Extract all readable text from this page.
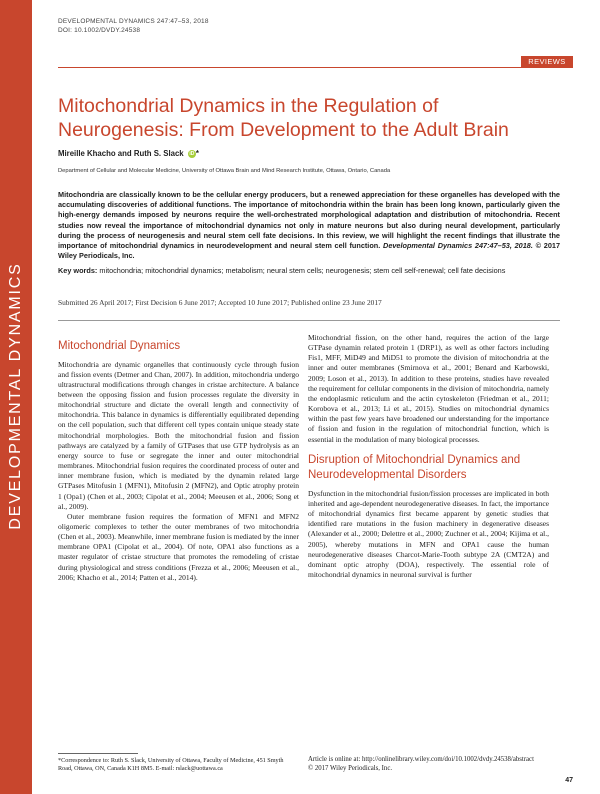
DEVELOPMENTAL DYNAMICS
DEVELOPMENTAL DYNAMICS 247:47–53, 2018
DOI: 10.1002/DVDY.24538
REVIEWS
Mitochondrial Dynamics in the Regulation of Neurogenesis: From Development to the Adult Brain
Mireille Khacho and Ruth S. Slack iD *
Department of Cellular and Molecular Medicine, University of Ottawa Brain and Mind Research Institute, Ottawa, Ontario, Canada

Mitochondria are classically known to be the cellular energy producers, but a renewed appreciation for these organelles has developed with the accumulating discoveries of additional functions. The importance of mitochondria within the brain has been long known, particularly given the high-energy demands imposed by neurons require the well-orchestrated morphological adaptation and distribution of mitochondria. Recent studies now reveal the importance of mitochondrial dynamics not only in mature neurons but also during neural development, particularly during the process of neurogenesis and neural stem cell fate decisions. In this review, we will highlight the recent findings that illustrate the importance of mitochondrial dynamics in neurodevelopment and neural stem cell function. Developmental Dynamics 247:47–53, 2018. © 2017 Wiley Periodicals, Inc.

Key words: mitochondria; mitochondrial dynamics; metabolism; neural stem cells; neurogenesis; stem cell self-renewal; cell fate decisions

Submitted 26 April 2017; First Decision 6 June 2017; Accepted 10 June 2017; Published online 23 June 2017
Mitochondrial Dynamics

Mitochondria are dynamic organelles that continuously cycle through fusion and fission events (Detmer and Chan, 2007). In addition, mitochondria undergo ultrastructural modifications through changes in cristae architecture. A balance between the opposing fission and fusion processes regulate the diversity in mitochondrial structure and dictate the overall length and connectivity of mitochondria. This balance in dynamics is differentially equilibrated depending on the cell population, such that different cell types contain unique steady state mitochondrial morphologies. Both the mitochondrial fusion and fission pathways are catalyzed by a family of GTPases that use GTP hydrolysis as an energy source to fuse or segregate the inner and outer mitochondrial membranes. Mitochondrial fusion requires the coordinated process of outer and inner membrane fusion, which is mediated by the dynamin related large GTPases Mitofusin 1 (MFN1), Mitofusin 2 (MFN2), and Optic atrophy protein 1 (Opa1) (Chen et al., 2003; Cipolat et al., 2004; Meeusen et al., 2006; Song et al., 2009).

Outer membrane fusion requires the formation of MFN1 and MFN2 oligomeric complexes to tether the outer membranes of two mitochondria (Chen et al., 2003). Meanwhile, inner membrane fusion is mediated by the inner membrane OPA1 (Cipolat et al., 2004). Of note, OPA1 also functions as a master regulator of cristae structure that promotes the remodeling of cristae during physiological and stress conditions (Frezza et al., 2006; Meeusen et al., 2006; Khacho et al., 2014; Patten et al., 2014).

Mitochondrial fission, on the other hand, requires the action of the large GTPase dynamin related protein 1 (DRP1), as well as other factors including Fis1, MFF, MiD49 and MiD51 to promote the division of mitochondria at the inner and outer membranes (Smirnova et al., 2001; Benard and Karbowski, 2009; Loson et al., 2013). In addition to these proteins, studies have revealed the requirement for cellular components in the division of mitochondria, namely the endoplasmic reticulum and the actin cytoskeleton (Friedman et al., 2011; Korobova et al., 2013; Li et al., 2015). Studies on mitochondrial dynamics within the past few years have broadened our understanding for the importance of fission and fusion in the regulation of mitochondrial function, which is essential in the modulation of many biological processes.

Disruption of Mitochondrial Dynamics and Neurodevelopmental Disorders

Dysfunction in the mitochondrial fusion/fission processes are implicated in both inherited and age-dependent neurodegenerative diseases. In fact, the importance of mitochondrial dynamics first became apparent by genetic studies that identified rare mutations in the fusion machinery in degenerative diseases (Alexander et al., 2000; Delettre et al., 2000; Zuchner et al., 2004; Kijima et al., 2005), whereby mutations in MFN and OPA1 cause the human neurodegenerative diseases Charcot-Marie-Tooth subtype 2A (CMT2A) and dominant optic atrophy (DOA), respectively. The essential role of mitochondrial dynamics in neuronal survival is further

*Correspondence to: Ruth S. Slack, University of Ottawa, Faculty of Medicine, 451 Smyth Road, Ottawa, ON, Canada K1H 8M5. E-mail: rslack@uottawa.ca

Article is online at: http://onlinelibrary.wiley.com/doi/10.1002/dvdy.24538/abstract
© 2017 Wiley Periodicals, Inc.
47
